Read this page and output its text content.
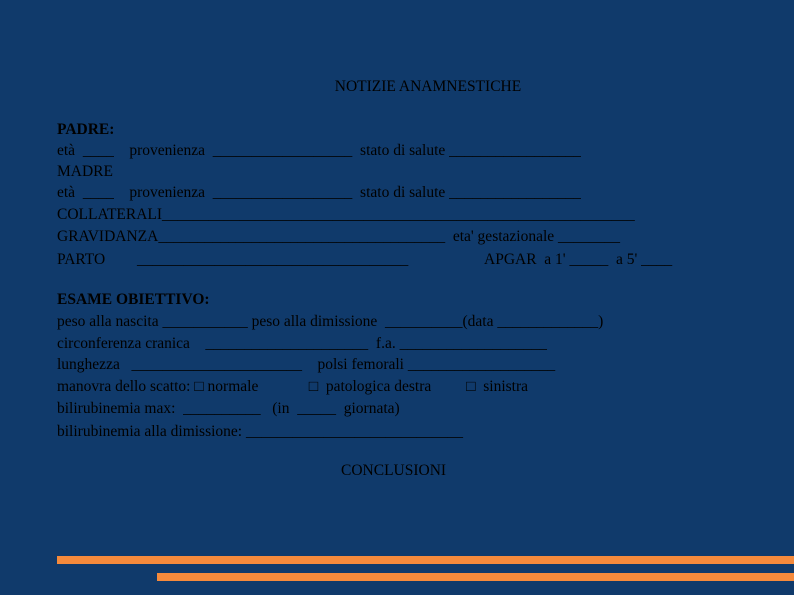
NOTIZIE ANAMNESTICHE
PADRE:
età  ____    provenienza  __________________  stato di salute _________________
MADRE
età  ____    provenienza  __________________  stato di salute _________________
COLLATERALI_____________________________________________________________
GRAVIDANZA_____________________________________  eta' gestazionale ________
PARTO ___________________________________	APGAR  a 1' _____  a 5' ____
ESAME OBIETTIVO:
peso alla nascita ___________ peso alla dimissione  __________(data _____________)
circonferenza cranica    _____________________  f.a. ___________________
lunghezza   ______________________    polsi femorali ___________________
manovra dello scatto: □ normale             □  patologica destra         □  sinistra
bilirubinemia max:  __________   (in  _____  giornata)
bilirubinemia alla dimissione: ____________________________
CONCLUSIONI
